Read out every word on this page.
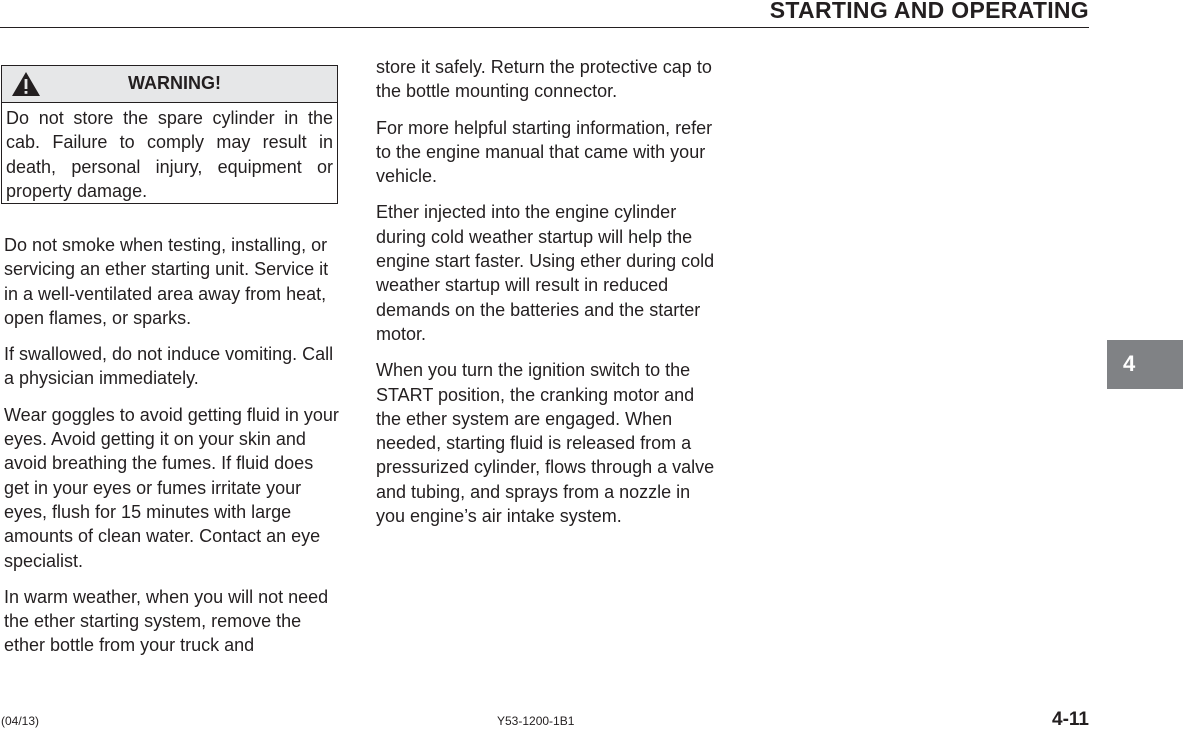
STARTING AND OPERATING
WARNING!

Do not store the spare cylinder in the cab. Failure to comply may result in death, personal injury, equipment or property damage.

Do not smoke when testing, installing, or servicing an ether starting unit. Service it in a well-ventilated area away from heat, open flames, or sparks.

If swallowed, do not induce vomiting. Call a physician immediately.

Wear goggles to avoid getting fluid in your eyes. Avoid getting it on your skin and avoid breathing the fumes. If fluid does get in your eyes or fumes irritate your eyes, flush for 15 minutes with large amounts of clean water. Contact an eye specialist.

In warm weather, when you will not need the ether starting system, remove the ether bottle from your truck and

store it safely. Return the protective cap to the bottle mounting connector.

For more helpful starting information, refer to the engine manual that came with your vehicle.

Ether injected into the engine cylinder during cold weather startup will help the engine start faster. Using ether during cold weather startup will result in reduced demands on the batteries and the starter motor.

When you turn the ignition switch to the START position, the cranking motor and the ether system are engaged. When needed, starting fluid is released from a pressurized cylinder, flows through a valve and tubing, and sprays from a nozzle in you engine’s air intake system.

4
(04/13)	Y53-1200-1B1	4-11
